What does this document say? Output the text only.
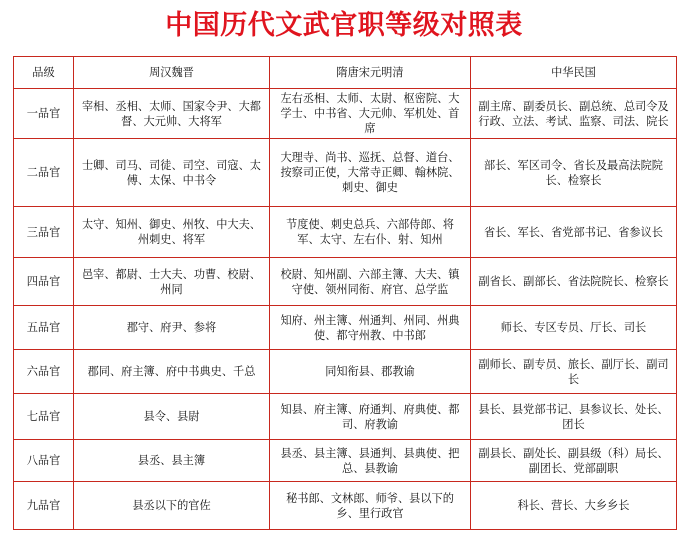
中国历代文武官职等级对照表
品级	周汉魏晋	隋唐宋元明清	中华民国
一品官	宰相、丞相、太师、国家令尹、大都督、大元帅、大将军	左右丞相、太师、太尉、枢密院、大学士、中书省、大元帅、军机处、首席	副主席、副委员长、副总统、总司令及行政、立法、考试、监察、司法、院长
二品官	士卿、司马、司徒、司空、司寇、太傅、太保、中书令	大理寺、尚书、巡抚、总督、道台、按察司正使，大常寺正卿、翰林院、刺史、御史	部长、军区司令、省长及最高法院院长、检察长
三品官	太守、知州、御史、州牧、中大夫、州刺史、将军	节度使、刺史总兵、六部侍郎、将军、太守、左右仆、射、知州	省长、军长、省党部书记、省参议长
四品官	邑宰、都尉、士大夫、功曹、校尉、州同	校尉、知州副、六部主簿、大夫、镇守使、领州同衔、府官、总学监	副省长、副部长、省法院院长、检察长
五品官	郡守、府尹、参将	知府、州主簿、州通判、州同、州典使、都守州教、中书郎	师长、专区专员、厅长、司长
六品官	郡同、府主簿、府中书典史、千总	同知衔县、郡教谕	副师长、副专员、旅长、副厅长、副司长
七品官	县令、县尉	知县、府主簿、府通判、府典使、都司、府教谕	县长、县党部书记、县参议长、处长、团长
八品官	县丞、县主簿	县丞、县主簿、县通判、县典使、把总、县教谕	副县长、副处长、副县级（科）局长、副团长、党部副职
九品官	县丞以下的官佐	秘书郎、文林郎、师爷、县以下的乡、里行政官	科长、营长、大乡乡长
